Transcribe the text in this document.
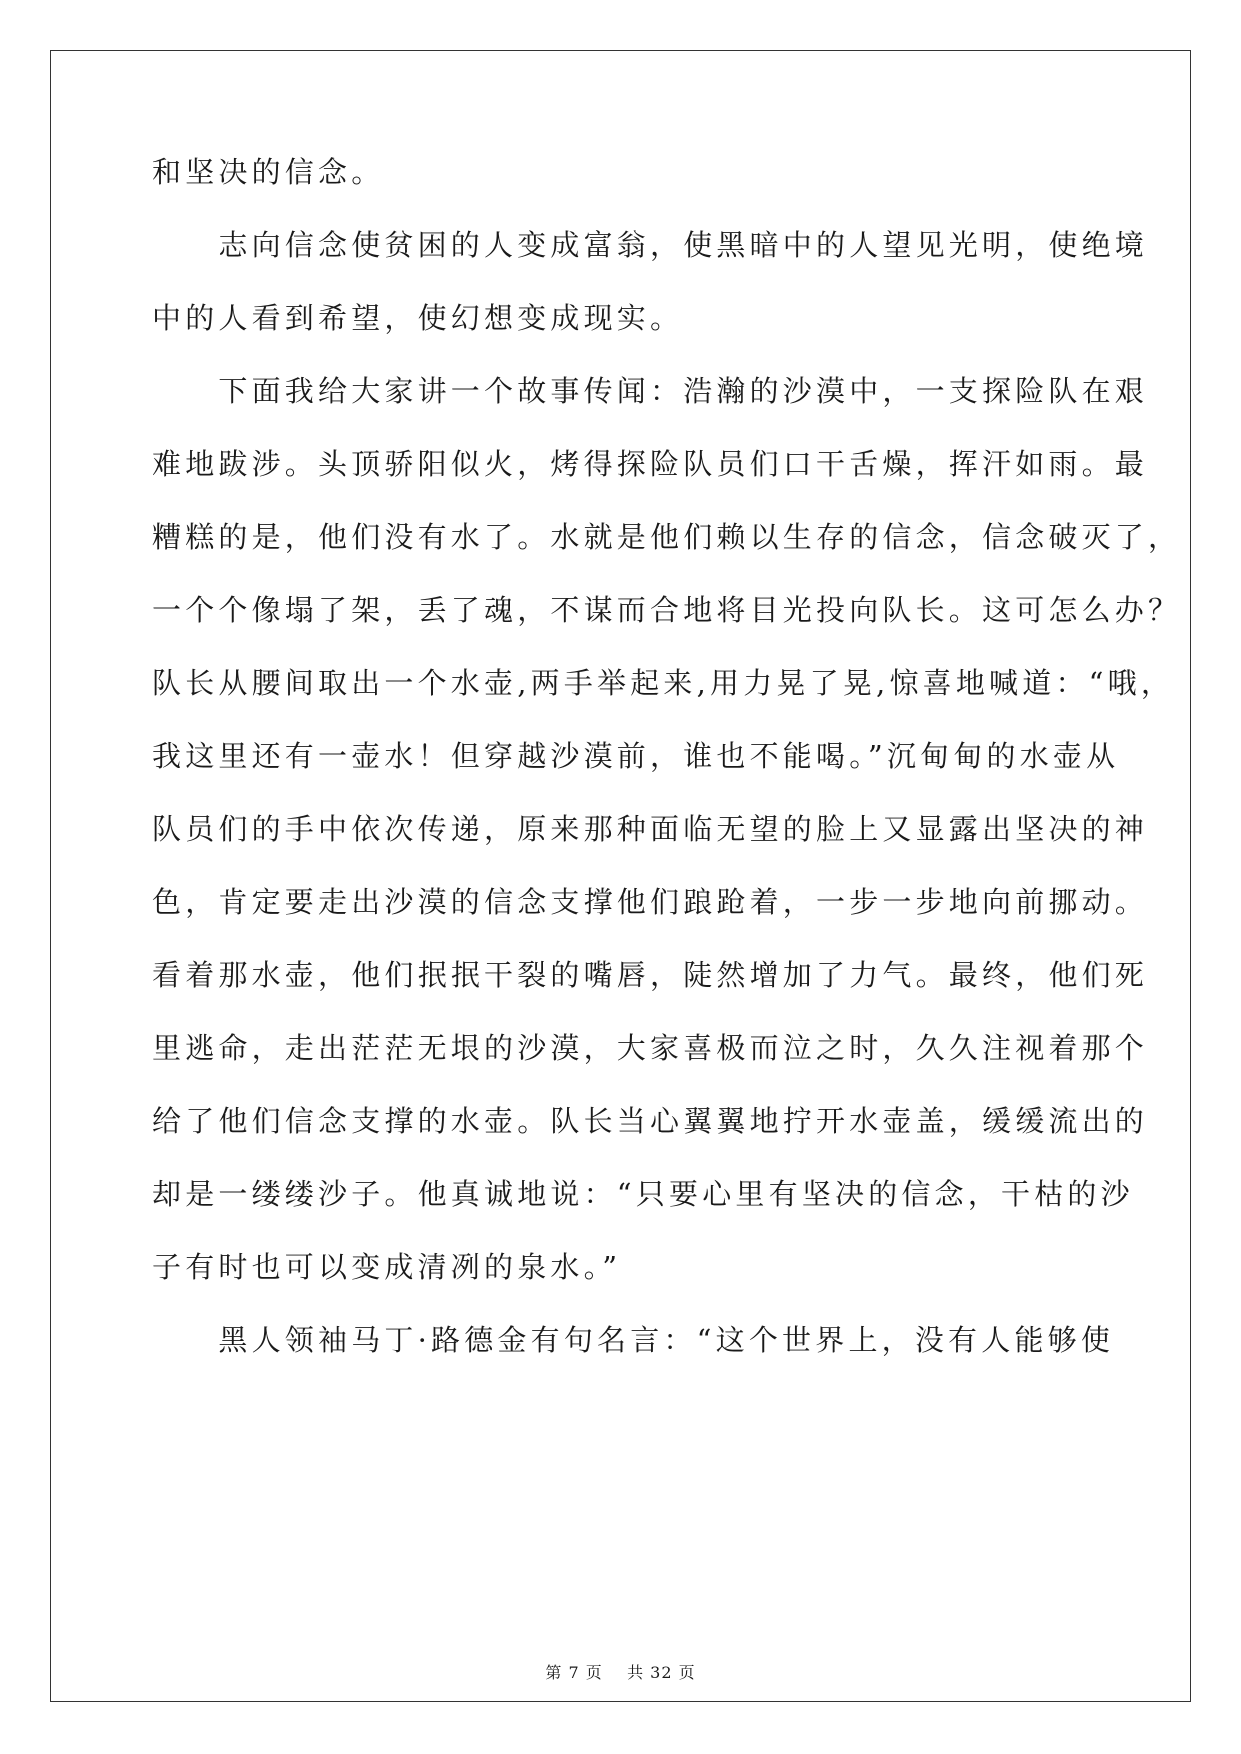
和坚决的信念。
　　志向信念使贫困的人变成富翁，使黑暗中的人望见光明，使绝境
中的人看到希望，使幻想变成现实。
　　下面我给大家讲一个故事传闻：浩瀚的沙漠中，一支探险队在艰
难地跋涉。头顶骄阳似火，烤得探险队员们口干舌燥，挥汗如雨。最
糟糕的是，他们没有水了。水就是他们赖以生存的信念，信念破灭了，
一个个像塌了架，丢了魂，不谋而合地将目光投向队长。这可怎么办？
队长从腰间取出一个水壶,两手举起来,用力晃了晃,惊喜地喊道：“哦，
我这里还有一壶水！但穿越沙漠前，谁也不能喝。”沉甸甸的水壶从
队员们的手中依次传递，原来那种面临无望的脸上又显露出坚决的神
色，肯定要走出沙漠的信念支撑他们踉跄着，一步一步地向前挪动。
看着那水壶，他们抿抿干裂的嘴唇，陡然增加了力气。最终，他们死
里逃命，走出茫茫无垠的沙漠，大家喜极而泣之时，久久注视着那个
给了他们信念支撑的水壶。队长当心翼翼地拧开水壶盖，缓缓流出的
却是一缕缕沙子。他真诚地说：“只要心里有坚决的信念，干枯的沙
子有时也可以变成清冽的泉水。”
　　黑人领袖马丁·路德金有句名言：“这个世界上，没有人能够使
第 7 页    共 32 页
